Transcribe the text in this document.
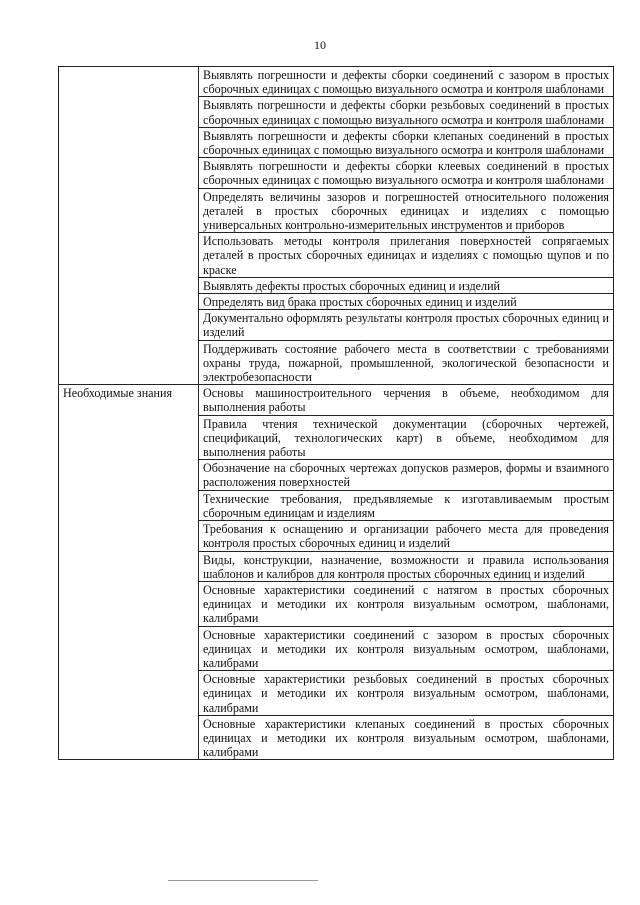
10

	Выявлять погрешности и дефекты сборки соединений с зазором в простых сборочных единицах с помощью визуального осмотра и контроля шаблонами

	Выявлять погрешности и дефекты сборки резьбовых соединений в простых сборочных единицах с помощью визуального осмотра и контроля шаблонами

	Выявлять погрешности и дефекты сборки клепаных соединений в простых сборочных единицах с помощью визуального осмотра и контроля шаблонами

	Выявлять погрешности и дефекты сборки клеевых соединений в простых сборочных единицах с помощью визуального осмотра и контроля шаблонами

	Определять величины зазоров и погрешностей относительного положения деталей в простых сборочных единицах и изделиях с помощью универсальных контрольно-измерительных инструментов и приборов

	Использовать методы контроля прилегания поверхностей сопрягаемых деталей в простых сборочных единицах и изделиях с помощью щупов и по краске

	Выявлять дефекты простых сборочных единиц и изделий

	Определять вид брака простых сборочных единиц и изделий

	Документально оформлять результаты контроля простых сборочных единиц и изделий

	Поддерживать состояние рабочего места в соответствии с требованиями охраны труда, пожарной, промышленной, экологической безопасности и электробезопасности

Необходимые знания	Основы машиностроительного черчения в объеме, необходимом для выполнения работы

	Правила чтения технической документации (сборочных чертежей, спецификаций, технологических карт) в объеме, необходимом для выполнения работы

	Обозначение на сборочных чертежах допусков размеров, формы и взаимного расположения поверхностей

	Технические требования, предъявляемые к изготавливаемым простым сборочным единицам и изделиям

	Требования к оснащению и организации рабочего места для проведения контроля простых сборочных единиц и изделий

	Виды, конструкции, назначение, возможности и правила использования шаблонов и калибров для контроля простых сборочных единиц и изделий

	Основные характеристики соединений с натягом в простых сборочных единицах и методики их контроля визуальным осмотром, шаблонами, калибрами

	Основные характеристики соединений с зазором в простых сборочных единицах и методики их контроля визуальным осмотром, шаблонами, калибрами

	Основные характеристики резьбовых соединений в простых сборочных единицах и методики их контроля визуальным осмотром, шаблонами, калибрами

	Основные характеристики клепаных соединений в простых сборочных единицах и методики их контроля визуальным осмотром, шаблонами, калибрами
